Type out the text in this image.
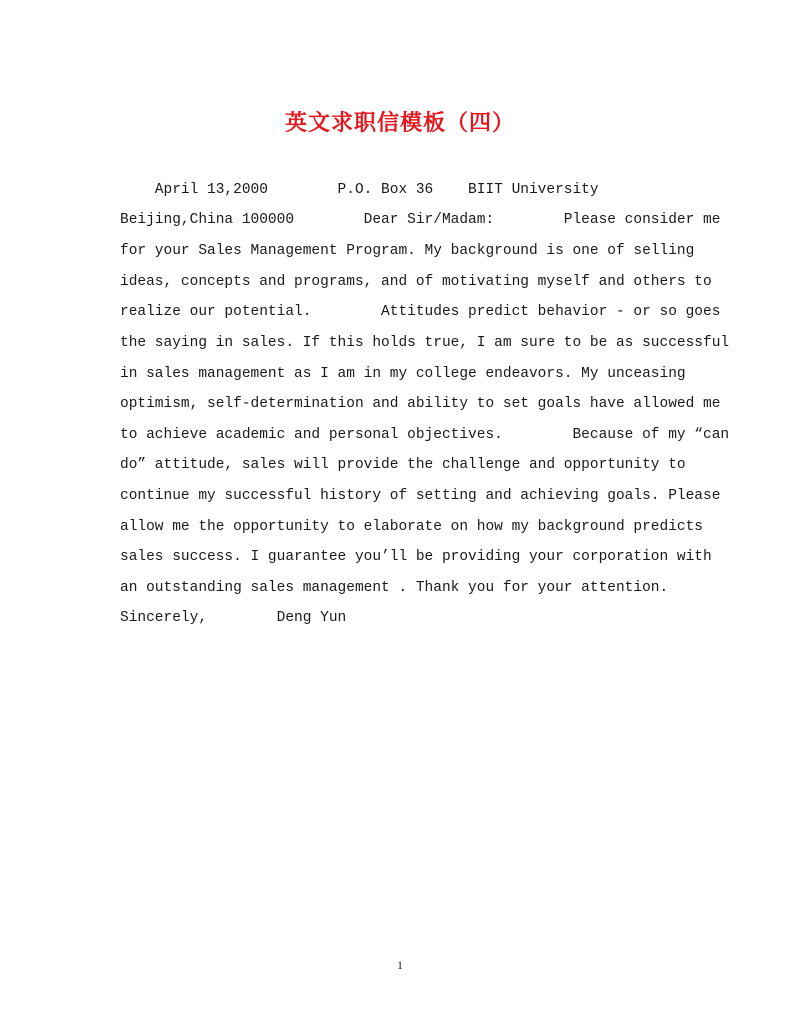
英文求职信模板（四）
April 13,2000        P.O. Box 36    BIIT University
Beijing,China 100000        Dear Sir/Madam:        Please consider me
for your Sales Management Program. My background is one of selling
ideas, concepts and programs, and of motivating myself and others to
realize our potential.        Attitudes predict behavior - or so goes
the saying in sales. If this holds true, I am sure to be as successful
in sales management as I am in my college endeavors. My unceasing
optimism, self-determination and ability to set goals have allowed me
to achieve academic and personal objectives.        Because of my “can
do” attitude, sales will provide the challenge and opportunity to
continue my successful history of setting and achieving goals. Please
allow me the opportunity to elaborate on how my background predicts
sales success. I guarantee you’ll be providing your corporation with
an outstanding sales management . Thank you for your attention.
Sincerely,        Deng Yun
1
